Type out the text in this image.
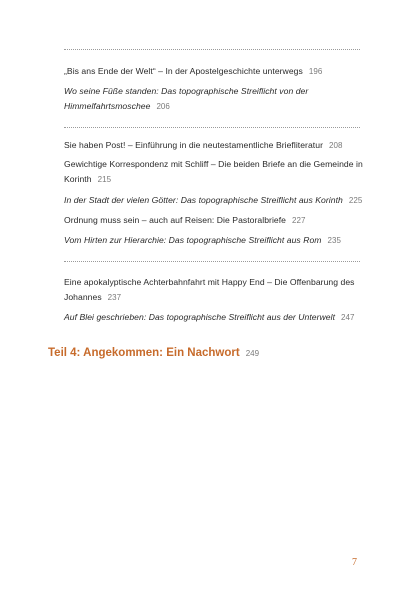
„Bis ans Ende der Welt“ – In der Apostelgeschichte unterwegs 196
Wo seine Füße standen: Das topographische Streiflicht von der Himmelfahrtsmoschee 206
Sie haben Post! – Einführung in die neutestamentliche Briefliteratur 208
Gewichtige Korrespondenz mit Schliff – Die beiden Briefe an die Gemeinde in Korinth 215
In der Stadt der vielen Götter: Das topographische Streiflicht aus Korinth 225
Ordnung muss sein – auch auf Reisen: Die Pastoralbriefe 227
Vom Hirten zur Hierarchie: Das topographische Streiflicht aus Rom 235
Eine apokalyptische Achterbahnfahrt mit Happy End – Die Offenbarung des Johannes 237
Auf Blei geschrieben: Das topographische Streiflicht aus der Unterwelt 247
Teil 4: Angekommen: Ein Nachwort 249
7
